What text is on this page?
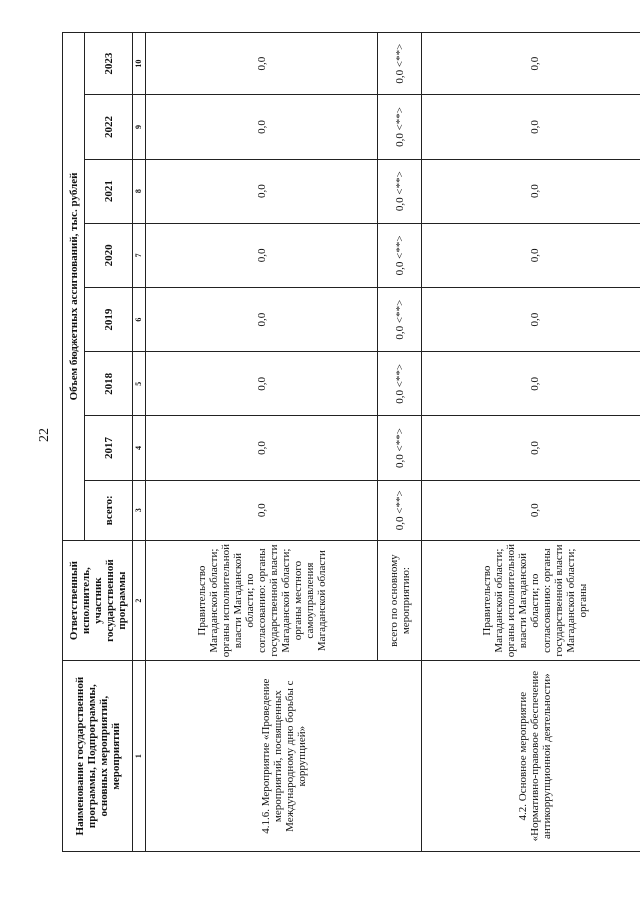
22
Наименование государственной программы, Подпрограммы, основных мероприятий, мероприятий	Ответственный исполнитель, участник государственной программы	Объем бюджетных ассигнований, тыс. рублей							
		всего:	2017	2018	2019	2020	2021	2022	2023
1	2	3	4	5	6	7	8	9	10
4.1.6. Мероприятие «Проведение мероприятий, посвященных Международному дню борьбы с коррупцией»	Правительство Магаданской области; органы исполнительной власти Магаданской области; по согласованию: органы государственной власти Магаданской области; органы местного самоуправления Магаданской области	0,0	0,0	0,0	0,0	0,0	0,0	0,0	0,0
	всего по основному мероприятию:	0,0 <**>	0,0 <**>	0,0 <**>	0,0 <**>	0,0 <**>	0,0 <**>	0,0 <**>	0,0 <**>
4.2. Основное мероприятие «Нормативно-правовое обеспечение антикоррупционной деятельности»	Правительство Магаданской области; органы исполнительной власти Магаданской области; по согласованию: органы государственной власти Магаданской области; органы	0,0	0,0	0,0	0,0	0,0	0,0	0,0	0,0
